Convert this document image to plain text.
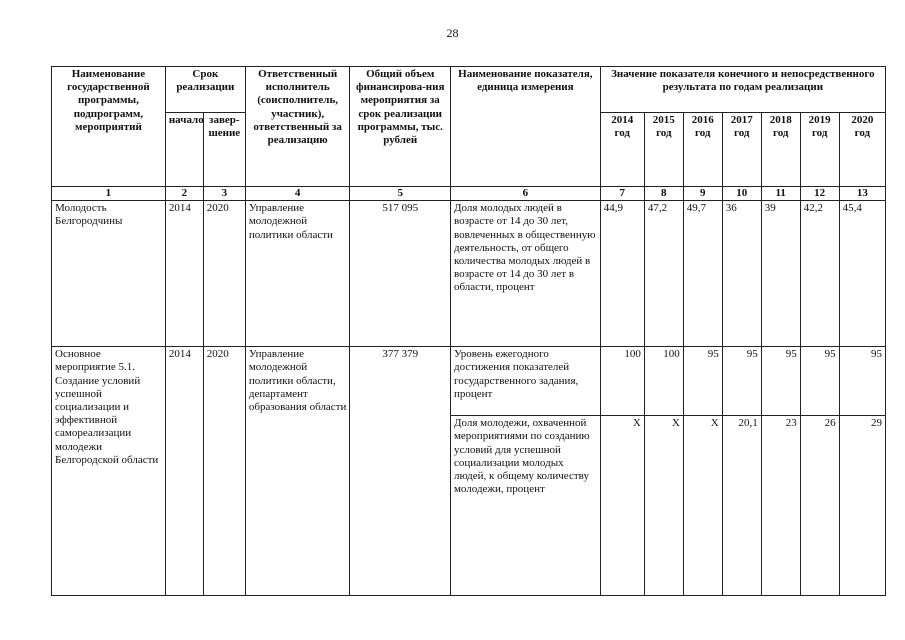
28
Наименование государственной программы, подпрограмм, мероприятий	Срок реализации		Ответственный исполнитель (соисполнитель, участник), ответственный за реализацию	Общий объем финансирова-ния мероприятия за срок реализации программы, тыс. рублей	Наименование показателя, единица измерения	Значение показателя конечного и непосредственного результата по годам реализации						
	начало	завер-шение				2014 год	2015 год	2016 год	2017 год	2018 год	2019 год	2020 год
1	2	3	4	5	6	7	8	9	10	11	12	13
Молодость Белгородчины	2014	2020	Управление молодежной политики области	517 095	Доля молодых людей в возрасте от 14 до 30 лет, вовлеченных в общественную деятельность, от общего количества молодых людей в возрасте от 14 до 30 лет в области, процент	44,9	47,2	49,7	36	39	42,2	45,4
Основное мероприятие 5.1. Создание условий успешной социализации и эффективной самореализации молодежи Белгородской области	2014	2020	Управление молодежной политики области, департамент образования области	377 379	Уровень ежегодного достижения показателей государственного задания, процент	100	100	95	95	95	95	95
					Доля молодежи, охваченной мероприятиями по созданию условий для успешной социализации молодых людей, к общему количеству молодежи, процент	Х	Х	Х	20,1	23	26	29
